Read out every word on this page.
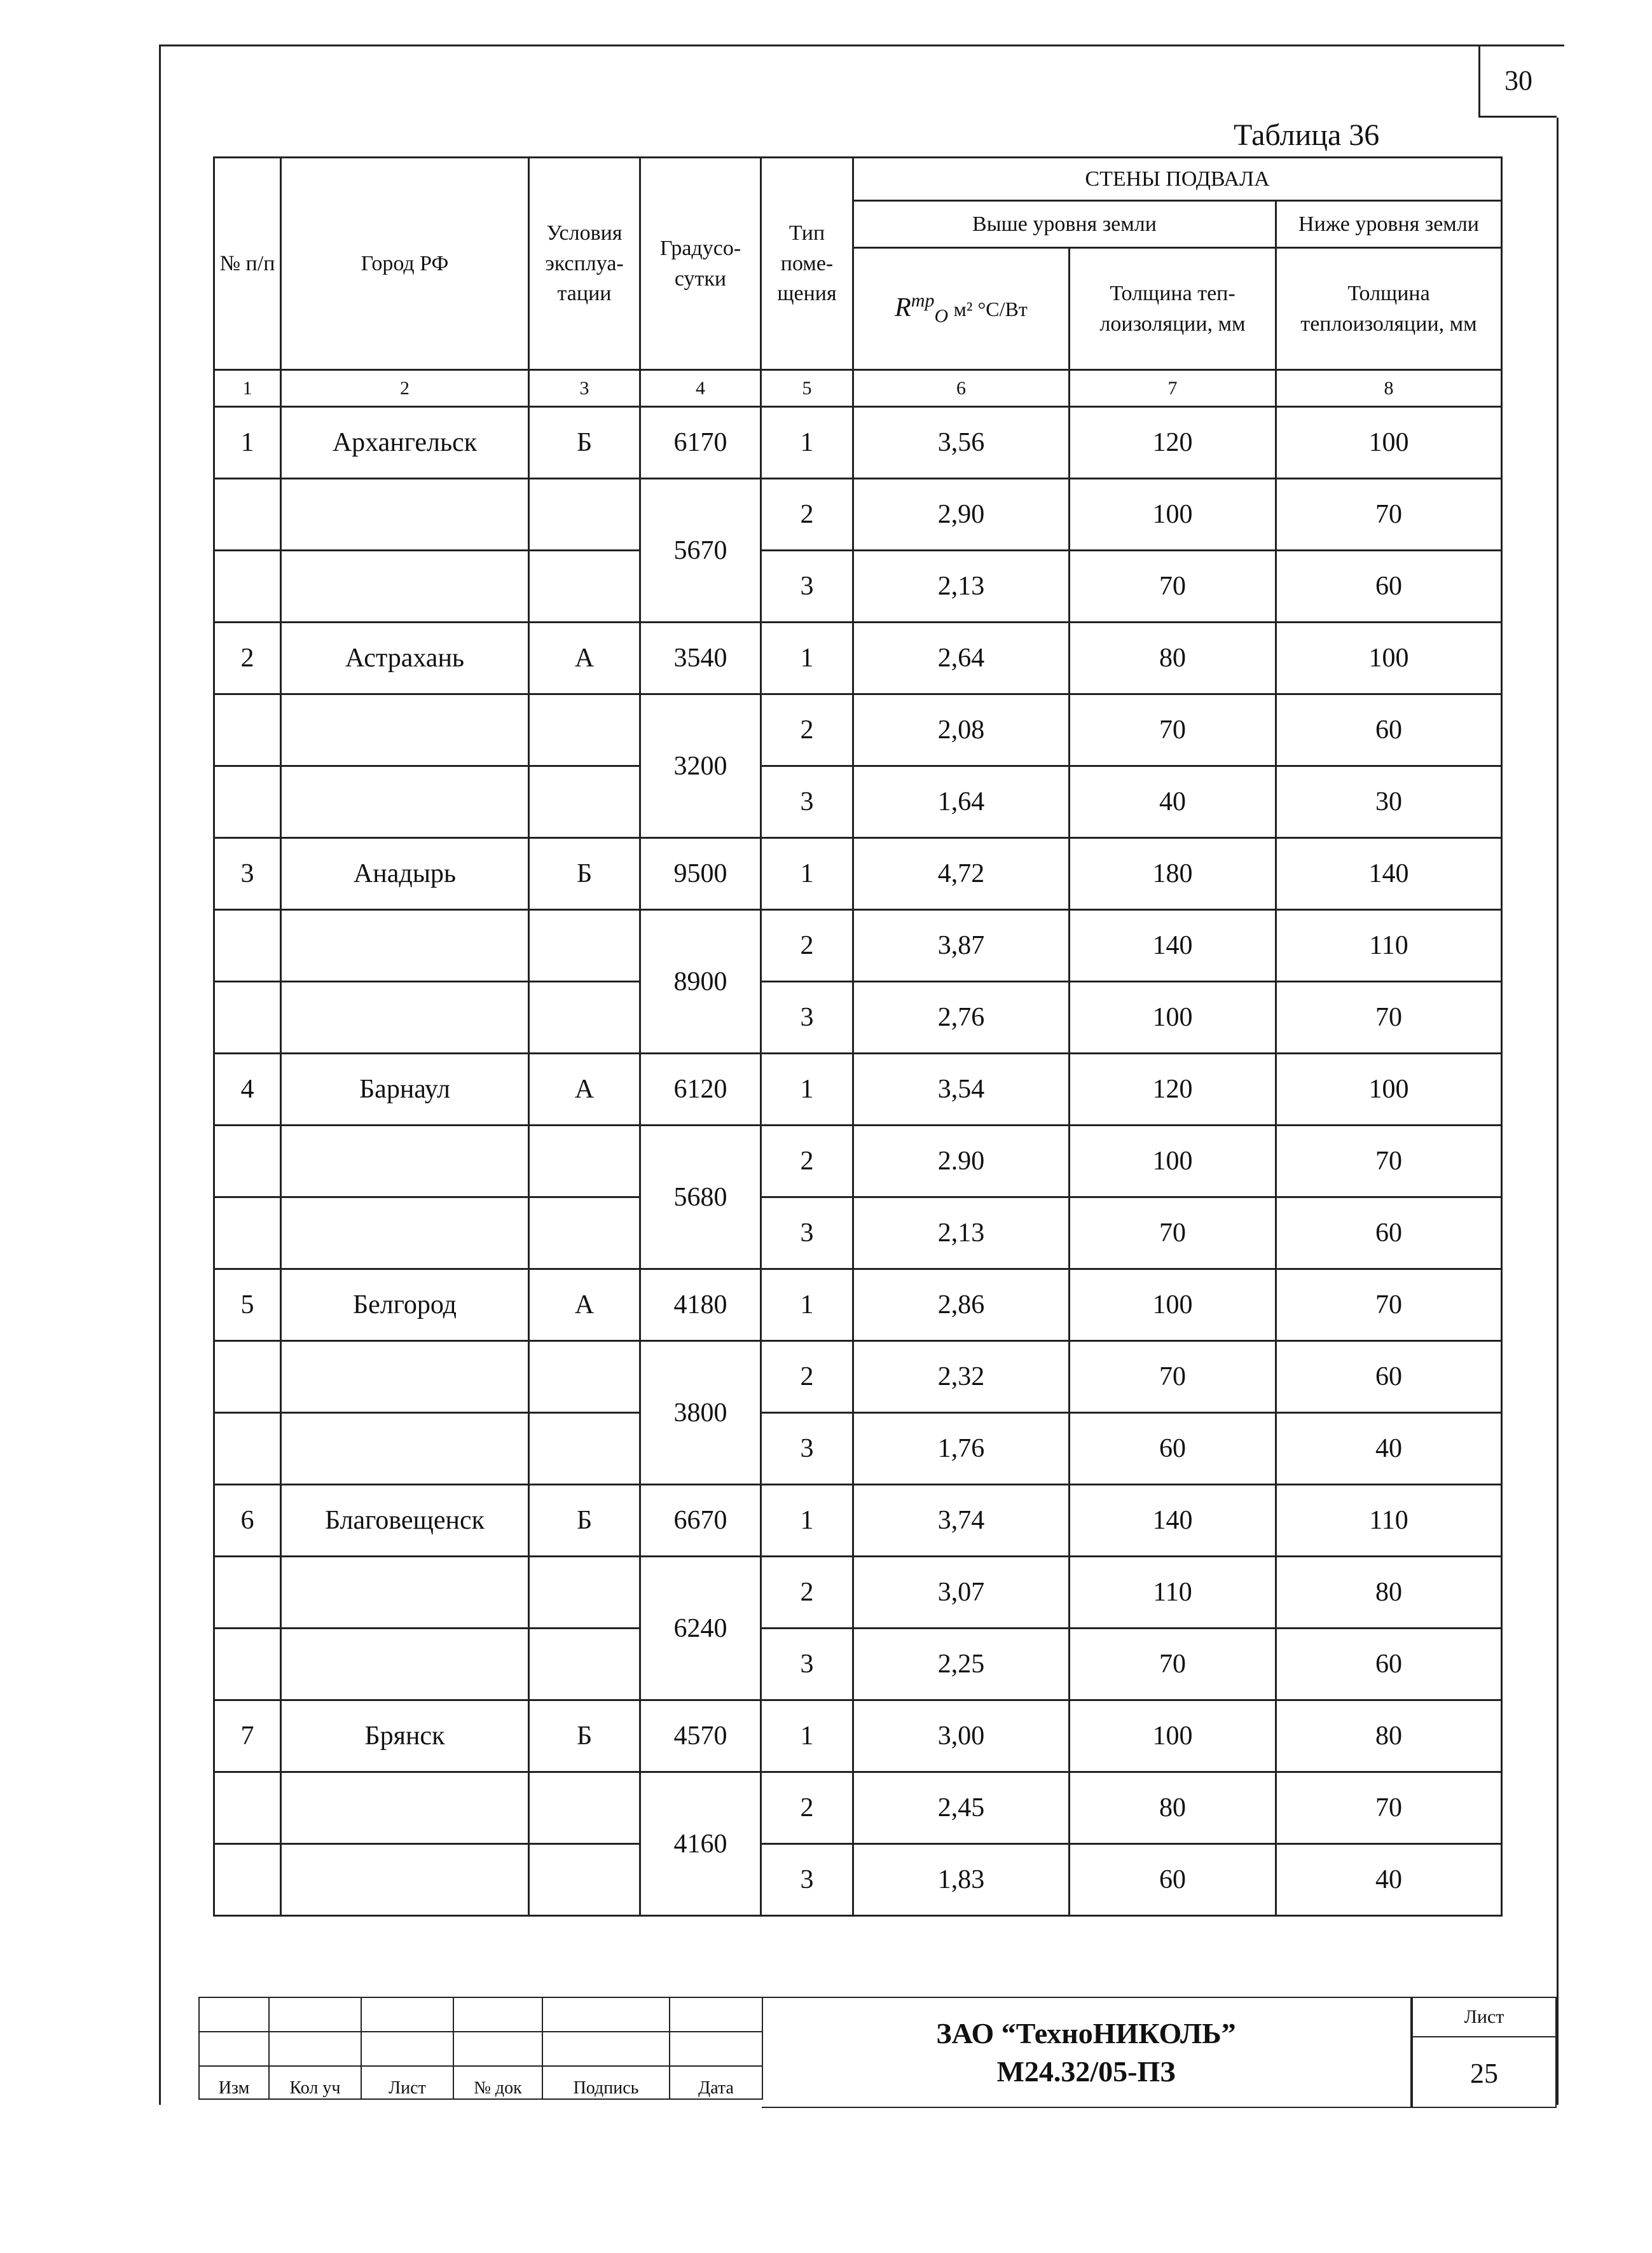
30
Таблица 36
№ п/п	Город РФ	Условия эксплуа-тации	Градусо-сутки	Тип поме-щения	СТЕНЫ ПОДВАЛА		
					Выше уровня земли		Ниже уровня земли
					$R^{тр}_О$ м² °С/Вт	Толщина теп-лоизоляции, мм	Толщина теплоизоляции, мм
1	2	3	4	5	6	7	8
1	Архангельск	Б	6170	1	3,56	120	100
			5670	2	2,90	100	70
				3	2,13	70	60
2	Астрахань	А	3540	1	2,64	80	100
			3200	2	2,08	70	60
				3	1,64	40	30
3	Анадырь	Б	9500	1	4,72	180	140
			8900	2	3,87	140	110
				3	2,76	100	70
4	Барнаул	А	6120	1	3,54	120	100
			5680	2	2.90	100	70
				3	2,13	70	60
5	Белгород	А	4180	1	2,86	100	70
			3800	2	2,32	70	60
				3	1,76	60	40
6	Благовещенск	Б	6670	1	3,74	140	110
			6240	2	3,07	110	80
				3	2,25	70	60
7	Брянск	Б	4570	1	3,00	100	80
			4160	2	2,45	80	70
				3	1,83	60	40

Изм	Кол уч	Лист	№ док	Подпись	Дата
ЗАО “ТехноНИКОЛЬ”
М24.32/05-ПЗ
Лист
25
